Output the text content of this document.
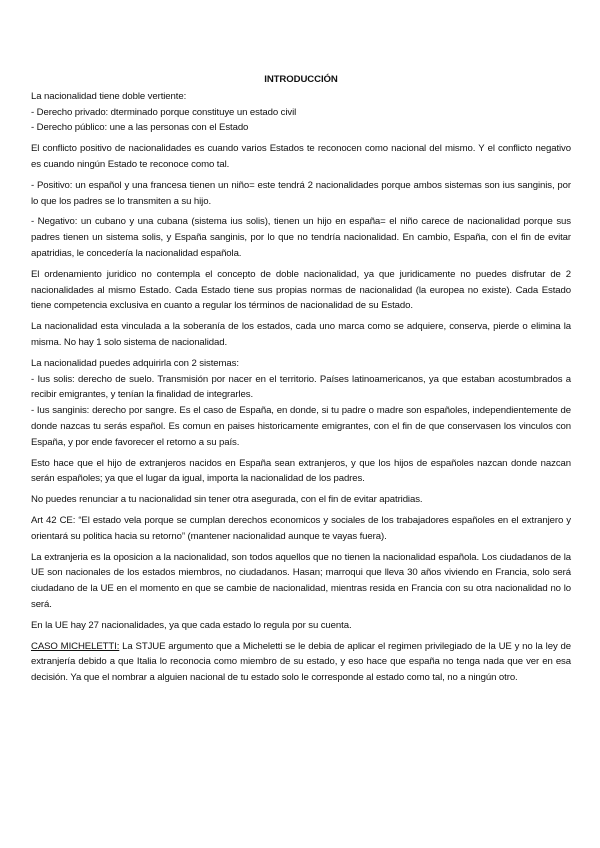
INTRODUCCIÓN

La nacionalidad tiene doble vertiente:
- Derecho privado: dterminado porque constituye un estado civil
- Derecho público: une a las personas con el Estado

El conflicto positivo de nacionalidades es cuando varios Estados te reconocen como nacional del mismo. Y el conflicto negativo es cuando ningún Estado te reconoce como tal.

- Positivo: un español y una francesa tienen un niño= este tendrá 2 nacionalidades porque ambos sistemas son ius sanginis, por lo que los padres se lo transmiten a su hijo.

- Negativo: un cubano y una cubana (sistema ius solis), tienen un hijo en españa= el niño carece de nacionalidad porque sus padres tienen un sistema solis, y España sanginis, por lo que no tendría nacionalidad. En cambio, España, con el fin de evitar apatridias, le concedería la nacionalidad española.

El ordenamiento juridico no contempla el concepto de doble nacionalidad, ya que juridicamente no puedes disfrutar de 2 nacionalidades al mismo Estado. Cada Estado tiene sus propias normas de nacionalidad (la europea no existe). Cada Estado tiene competencia exclusiva en cuanto a regular los términos de nacionalidad de su Estado.

La nacionalidad esta vinculada a la soberanía de los estados, cada uno marca como se adquiere, conserva, pierde o elimina la misma. No hay 1 solo sistema de nacionalidad.

La nacionalidad puedes adquirirla con 2 sistemas:
- Ius solis: derecho de suelo. Transmisión por nacer en el territorio. Países latinoamericanos, ya que estaban acostumbrados a recibir emigrantes, y tenían la finalidad de integrarles.
- Ius sanginis: derecho por sangre. Es el caso de España, en donde, si tu padre o madre son españoles, independientemente de donde nazcas tu serás español. Es comun en paises historicamente emigrantes, con el fin de que conservasen los vinculos con España, y por ende favorecer el retorno a su país.

Esto hace que el hijo de extranjeros nacidos en España sean extranjeros, y que los hijos de españoles nazcan donde nazcan serán españoles; ya que el lugar da igual, importa la nacionalidad de los padres.

No puedes renunciar a tu nacionalidad sin tener otra asegurada, con el fin de evitar apatridias.

Art 42 CE: “El estado vela porque se cumplan derechos economicos y sociales de los trabajadores españoles en el extranjero y orientará su politica hacia su retorno” (mantener nacionalidad aunque te vayas fuera).

La extranjeria es la oposicion a la nacionalidad, son todos aquellos que no tienen la nacionalidad española. Los ciudadanos de la UE son nacionales de los estados miembros, no ciudadanos. Hasan; marroqui que lleva 30 años viviendo en Francia, solo será ciudadano de la UE en el momento en que se cambie de nacionalidad, mientras resida en Francia con su otra nacionalidad no lo será.

En la UE hay 27 nacionalidades, ya que cada estado lo regula por su cuenta.

CASO MICHELETTI: La STJUE argumento que a Micheletti se le debia de aplicar el regimen privilegiado de la UE y no la ley de extranjería debido a que Italia lo reconocia como miembro de su estado, y eso hace que españa no tenga nada que ver en esa decisión. Ya que el nombrar a alguien nacional de tu estado solo le corresponde al estado como tal, no a ningún otro.
